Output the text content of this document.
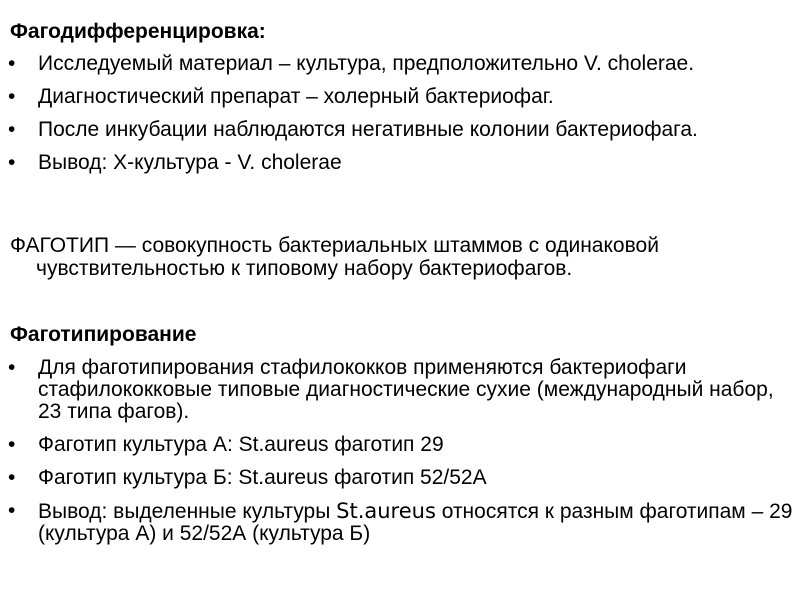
Фагодифференцировка:
• Исследуемый материал – культура, предположительно V. cholerae.
• Диагностический препарат – холерный бактериофаг.
• После инкубации наблюдаются негативные колонии бактериофага.
• Вывод: Х-культура - V. cholerae

ФАГОТИП — совокупность бактериальных штаммов с одинаковой чувствительностью к типовому набору бактериофагов.

Фаготипирование
• Для фаготипирования стафилококков применяются бактериофаги стафилококковые типовые диагностические сухие (международный набор, 23 типа фагов).
• Фаготип культура А: St.aureus фаготип 29
• Фаготип культура Б: St.aureus фаготип 52/52А
• Вывод: выделенные культуры St.aureus относятся к разным фаготипам – 29 (культура А) и 52/52А (культура Б)
